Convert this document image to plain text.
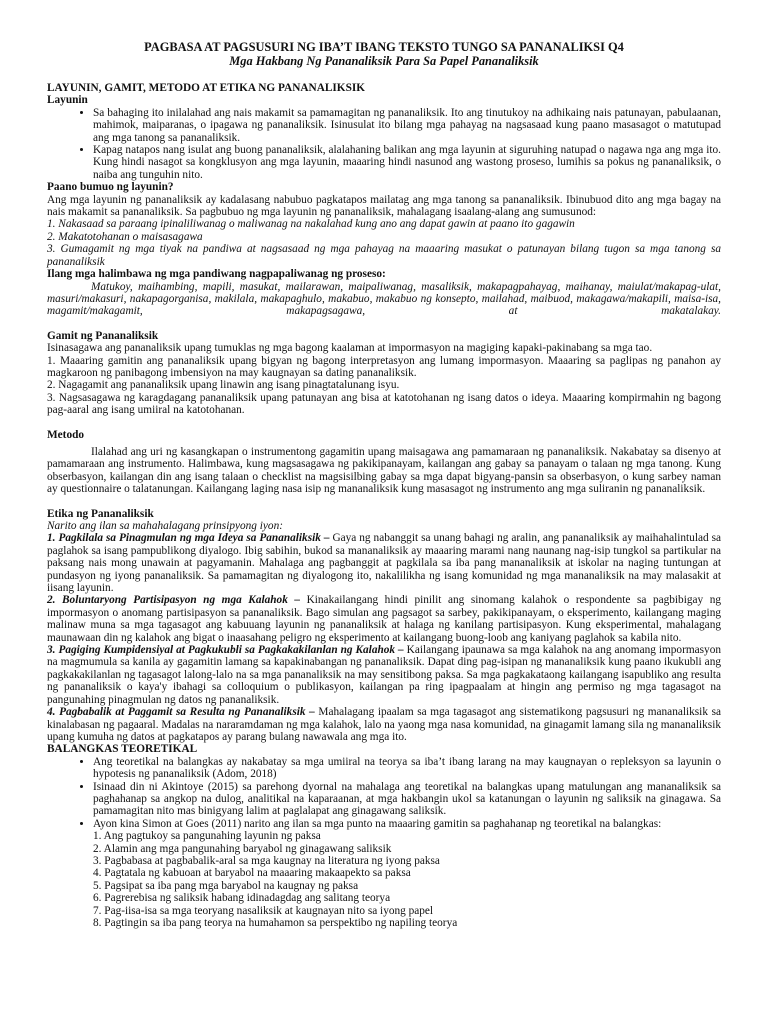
PAGBASA AT PAGSUSURI NG IBA’T IBANG TEKSTO TUNGO SA PANANALIKSI Q4
Mga Hakbang Ng Pananaliksik Para Sa Papel Pananaliksik
LAYUNIN, GAMIT, METODO AT ETIKA NG PANANALIKSIK
Layunin
• Sa bahaging ito inilalahad ang nais makamit sa pamamagitan ng pananaliksik. Ito ang tinutukoy na adhikaing nais patunayan, pabulaanan, mahimok, maiparanas, o ipagawa ng pananaliksik. Isinusulat ito bilang mga pahayag na nagsasaad kung paano masasagot o matutupad ang mga tanong sa pananaliksik.
• Kapag natapos nang isulat ang buong pananaliksik, alalahaning balikan ang mga layunin at siguruhing natupad o nagawa nga ang mga ito. Kung hindi nasagot sa kongklusyon ang mga layunin, maaaring hindi nasunod ang wastong proseso, lumihis sa pokus ng pananaliksik, o naiba ang tunguhin nito.
Paano bumuo ng layunin?
Ang mga layunin ng pananaliksik ay kadalasang nabubuo pagkatapos mailatag ang mga tanong sa pananaliksik. Ibinubuod dito ang mga bagay na nais makamit sa pananaliksik. Sa pagbubuo ng mga layunin ng pananaliksik, mahalagang isaalang-alang ang sumusunod:
1. Nakasaad sa paraang ipinaliliwanag o maliwanag na nakalahad kung ano ang dapat gawin at paano ito gagawin
2. Makatotohanan o maisasagawa
3. Gumagamit ng mga tiyak na pandiwa at nagsasaad ng mga pahayag na maaaring masukat o patunayan bilang tugon sa mga tanong sa pananaliksik
Ilang mga halimbawa ng mga pandiwang nagpapaliwanag ng proseso:
Matukoy, maihambing, mapili, masukat, mailarawan, maipaliwanag, masaliksik, makapagpahayag, maihanay, maiulat/makapag-ulat, masuri/makasuri, nakapagorganisa, makilala, makapaghulo, makabuo, makabuo ng konsepto, mailahad, maibuod, makagawa/makapili, maisa-isa, magamit/makagamit, makapagsagawa, at makatalakay.
Gamit ng Pananaliksik
Isinasagawa ang pananaliksik upang tumuklas ng mga bagong kaalaman at impormasyon na magiging kapaki-pakinabang sa mga tao.
1. Maaaring gamitin ang pananaliksik upang bigyan ng bagong interpretasyon ang lumang impormasyon. Maaaring sa paglipas ng panahon ay magkaroon ng panibagong imbensiyon na may kaugnayan sa dating pananaliksik.
2. Nagagamit ang pananaliksik upang linawin ang isang pinagtatalunang isyu.
3. Nagsasagawa ng karagdagang pananaliksik upang patunayan ang bisa at katotohanan ng isang datos o ideya. Maaaring kompirmahin ng bagong pag-aaral ang isang umiiral na katotohanan.
Metodo
Ilalahad ang uri ng kasangkapan o instrumentong gagamitin upang maisagawa ang pamamaraan ng pananaliksik. Nakabatay sa disenyo at pamamaraan ang instrumento. Halimbawa, kung magsasagawa ng pakikipanayam, kailangan ang gabay sa panayam o talaan ng mga tanong. Kung obserbasyon, kailangan din ang isang talaan o checklist na magsisilbing gabay sa mga dapat bigyang-pansin sa obserbasyon, o kung sarbey naman ay questionnaire o talatanungan. Kailangang laging nasa isip ng mananaliksik kung masasagot ng instrumento ang mga suliranin ng pananaliksik.
Etika ng Pananaliksik
Narito ang ilan sa mahahalagang prinsipyong iyon:
1. Pagkilala sa Pinagmulan ng mga Ideya sa Pananaliksik – Gaya ng nabanggit sa unang bahagi ng aralin, ang pananaliksik ay maihahalintulad sa paglahok sa isang pampublikong diyalogo. Ibig sabihin, bukod sa mananaliksik ay maaaring marami nang naunang nag-isip tungkol sa partikular na paksang nais mong unawain at pagyamanin. Mahalaga ang pagbanggit at pagkilala sa iba pang mananaliksik at iskolar na naging tuntungan at pundasyon ng iyong pananaliksik. Sa pamamagitan ng diyalogong ito, nakalilikha ng isang komunidad ng mga mananaliksik na may malasakit at iisang layunin.
2. Boluntaryong Partisipasyon ng mga Kalahok – Kinakailangang hindi pinilit ang sinomang kalahok o respondente sa pagbibigay ng impormasyon o anomang partisipasyon sa pananaliksik. Bago simulan ang pagsagot sa sarbey, pakikipanayam, o eksperimento, kailangang maging malinaw muna sa mga tagasagot ang kabuuang layunin ng pananaliksik at halaga ng kanilang partisipasyon. Kung eksperimental, mahalagang maunawaan din ng kalahok ang bigat o inaasahang peligro ng eksperimento at kailangang buong-loob ang kaniyang paglahok sa kabila nito.
3. Pagiging Kumpidensiyal at Pagkukubli sa Pagkakakilanlan ng Kalahok – Kailangang ipaunawa sa mga kalahok na ang anomang impormasyon na magmumula sa kanila ay gagamitin lamang sa kapakinabangan ng pananaliksik. Dapat ding pag-isipan ng mananaliksik kung paano ikukubli ang pagkakakilanlan ng tagasagot lalong-lalo na sa mga pananaliksik na may sensitibong paksa. Sa mga pagkakataong kailangang isapubliko ang resulta ng pananaliksik o kaya'y ibahagi sa colloquium o publikasyon, kailangan pa ring ipagpaalam at hingin ang permiso ng mga tagasagot na pangunahing pinagmulan ng datos ng pananaliksik.
4. Pagbabalik at Paggamit sa Resulta ng Pananaliksik – Mahalagang ipaalam sa mga tagasagot ang sistematikong pagsusuri ng mananaliksik sa kinalabasan ng pagaaral. Madalas na nararamdaman ng mga kalahok, lalo na yaong mga nasa komunidad, na ginagamit lamang sila ng mananaliksik upang kumuha ng datos at pagkatapos ay parang bulang nawawala ang mga ito.
BALANGKAS TEORETIKAL
• Ang teoretikal na balangkas ay nakabatay sa mga umiiral na teorya sa iba’t ibang larang na may kaugnayan o repleksyon sa layunin o hypotesis ng pananaliksik (Adom, 2018)
• Isinaad din ni Akintoye (2015) sa parehong dyornal na mahalaga ang teoretikal na balangkas upang matulungan ang mananaliksik sa paghahanap sa angkop na dulog, analitikal na kaparaanan, at mga hakbangin ukol sa katanungan o layunin ng saliksik na ginagawa. Sa pamamagitan nito mas binigyang lalim at paglalapat ang ginagawang saliksik.
• Ayon kina Simon at Goes (2011) narito ang ilan sa mga punto na maaaring gamitin sa paghahanap ng teoretikal na balangkas:
1. Ang pagtukoy sa pangunahing layunin ng paksa
2. Alamin ang mga pangunahing baryabol ng ginagawang saliksik
3. Pagbabasa at pagbabalik-aral sa mga kaugnay na literatura ng iyong paksa
4. Pagtatala ng kabuoan at baryabol na maaaring makaapekto sa paksa
5. Pagsipat sa iba pang mga baryabol na kaugnay ng paksa
6. Pagrerebisa ng saliksik habang idinadagdag ang salitang teorya
7. Pag-iisa-isa sa mga teoryang nasaliksik at kaugnayan nito sa iyong papel
8. Pagtingin sa iba pang teorya na humahamon sa perspektibo ng napiling teorya
